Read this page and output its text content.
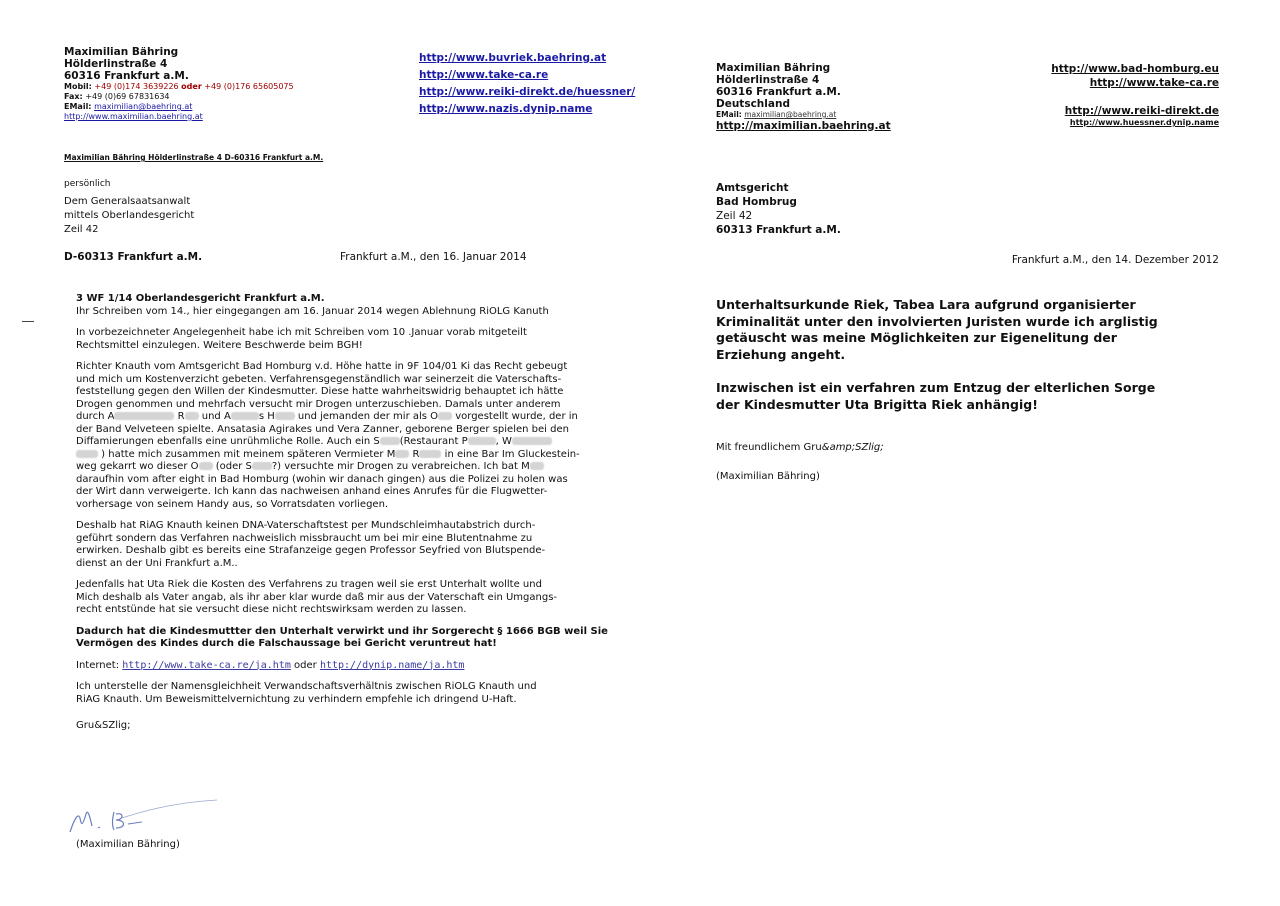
Maximilian Bähring
Hölderlinstraße 4
60316 Frankfurt a.M.
Mobil: +49 (0)174 3639226 oder +49 (0)176 65605075
Fax: +49 (0)69 67831634
EMail: maximilian@baehring.at
http://www.maximilian.baehring.at
http://www.buvriek.baehring.at
http://www.take-ca.re
http://www.reiki-direkt.de/huessner/
http://www.nazis.dynip.name
Maximilian Bähring Hölderlinstraße 4 D-60316 Frankfurt a.M.
persönlich
Dem Generalsaatsanwalt
mittels Oberlandesgericht
Zeil 42
D-60313 Frankfurt a.M.	Frankfurt a.M., den 16. Januar 2014

3 WF 1/14 Oberlandesgericht Frankfurt a.M.
Ihr Schreiben vom 14., hier eingegangen am 16. Januar 2014 wegen Ablehnung RiOLG Kanuth

In vorbezeichneter Angelegenheit habe ich mit Schreiben vom 10 .Januar vorab mitgeteilt
Rechtsmittel einzulegen. Weitere Beschwerde beim BGH!

Richter Knauth vom Amtsgericht Bad Homburg v.d. Höhe hatte in 9F 104/01 Ki das Recht gebeugt
und mich um Kostenverzicht gebeten. Verfahrensgegenständlich war seinerzeit die Vaterschafts-
feststellung gegen den Willen der Kindesmutter. Diese hatte wahrheitswidrig behauptet ich hätte
Drogen genommen und mehrfach versucht mir Drogen unterzuschieben. Damals unter anderem
durch A	R und A	s H und jemanden der mir als O vorgestellt wurde, der in
der Band Velveteen spielte. Ansatasia Agirakes und Vera Zanner, geborene Berger spielen bei den
Diffamierungen ebenfalls eine unrühmliche Rolle. Auch ein S (Restaurant P	, W
) hatte mich zusammen mit meinem späteren Vermieter M R in eine Bar Im Gluckestein-
weg gekarrt wo dieser O (oder S ?) versuchte mir Drogen zu verabreichen. Ich bat M
daraufhin vom after eight in Bad Homburg (wohin wir danach gingen) aus die Polizei zu holen was
der Wirt dann verweigerte. Ich kann das nachweisen anhand eines Anrufes für die Flugwetter-
vorhersage von seinem Handy aus, so Vorratsdaten vorliegen.

Deshalb hat RiAG Knauth keinen DNA-Vaterschaftstest per Mundschleimhautabstrich durch-
geführt sondern das Verfahren nachweislich missbraucht um bei mir eine Blutentnahme zu
erwirken. Deshalb gibt es bereits eine Strafanzeige gegen Professor Seyfried von Blutspende-
dienst an der Uni Frankfurt a.M..

Jedenfalls hat Uta Riek die Kosten des Verfahrens zu tragen weil sie erst Unterhalt wollte und
Mich deshalb als Vater angab, als ihr aber klar wurde daß mir aus der Vaterschaft ein Umgangs-
recht entstünde hat sie versucht diese nicht rechtswirksam werden zu lassen.

Dadurch hat die Kindesmuttter den Unterhalt verwirkt und ihr Sorgerecht § 1666 BGB weil Sie
Vermögen des Kindes durch die Falschaussage bei Gericht veruntreut hat!

Internet: http://www.take-ca.re/ja.htm oder http://dynip.name/ja.htm

Ich unterstelle der Namensgleichheit Verwandschaftsverhältnis zwischen RiOLG Knauth und
RiAG Knauth. Um Beweismittelvernichtung zu verhindern empfehle ich dringend U-Haft.

Gru&SZlig;

(Maximilian Bähring)
Maximilian Bähring
Hölderlinstraße 4
60316 Frankfurt a.M.
Deutschland
EMail: maximilian@baehring.at
http://maximilian.baehring.at
http://www.bad-homburg.eu
http://www.take-ca.re
http://www.reiki-direkt.de
http://www.huessner.dynip.name
Amtsgericht
Bad Hombrug
Zeil 42
60313 Frankfurt a.M.
Frankfurt a.M., den 14. Dezember 2012
Unterhaltsurkunde Riek, Tabea Lara aufgrund organisierter
Kriminalität unter den involvierten Juristen wurde ich arglistig
getäuscht was meine Möglichkeiten zur Eigenelitung der
Erziehung angeht.
Inzwischen ist ein verfahren zum Entzug der elterlichen Sorge
der Kindesmutter Uta Brigitta Riek anhängig!
Mit freundlichem Gru&amp;SZlig;
(Maximilian Bähring)
